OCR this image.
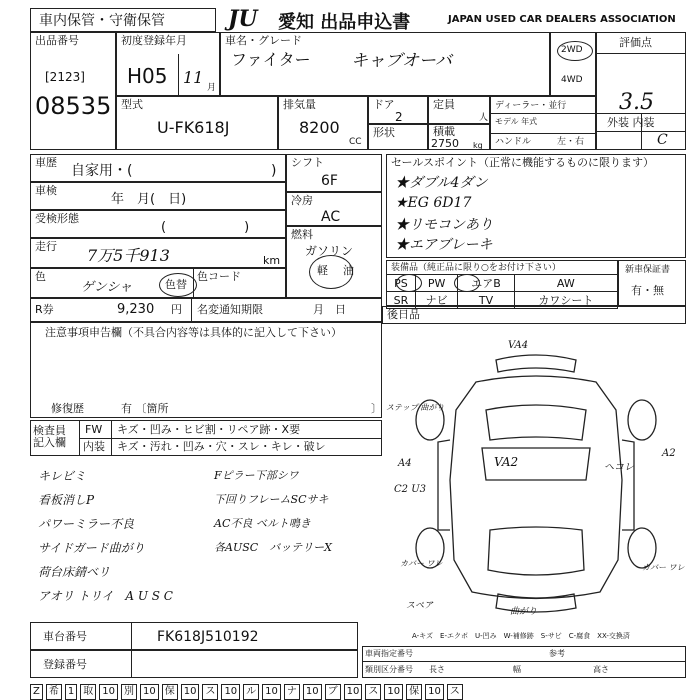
車内保管・守衛保管	JU 愛知 出品申込書	JAPAN USED CAR DEALERS ASSOCIATION
出品番号
[2123]
08535
初度登録年月
H05 11
月
車名・グレード
ファイター キャブオーバ
2WD
4WD
評価点
3.5
外装 内装
C
型式
U-FK618J
排気量
8200
CC
ドア
2
定員
人
形状	積載
2750 kg
ディーラー・並行
モデル 年式
ハンドル	左・右
車歴
自家用・(	)
車検
年　月(　日)
受検形態
(　　　　　　)
走行 7万5千913	km
色
ゲンシャ	色替
色コード
R券	9,230 円 名変通知期限	月　日
シフト
6F
冷房
AC
燃料
ガソリン
軽 油
セールスポイント（正常に機能するものに限ります）
★ダブル4ダン
★EG 6D17
★リモコンあり
★エアブレーキ
装備品（純正品に限り○をお付け下さい）
PS	PW	エアB	AW
SR	ナビ	TV	カワシート
新車保証書
有・無
後日品
注意事項申告欄（不具合内容等は具体的に記入して下さい）
修復歴	有 〔箇所	〕
検査員 記入欄
FW キズ・凹み・ヒビ割・リペア跡・X要
内装 キズ・汚れ・凹み・穴・スレ・キレ・破レ
キレビミ
看板消しP
パワーミラー不良
サイドガード曲がり
荷台床錆ベリ
アオリ トリイ　A U S C
Fピラー下部シワ
下回りフレームSCサキ
AC不良 ベルト鳴き
各AUSC　バッテリーX
VA4
ステップ 曲がり
A4	VA2
C2 U3
A2
ヘコレ
カバー ワレ	カバー ワレ
スペア
曲がり
A-キズ　E-エクボ　U-凹み　W-補修跡　S-サビ　C-腐食　XX-交換済
車台番号	FK618J510192
登録番号
車両指定番号
類別区分番号
参考
長さ	幅	高さ
Z 希 1 取 10 別 10 保 10 ス 10 ル 10 ナ 10 ブ 10 ス 10 保 10 ス
